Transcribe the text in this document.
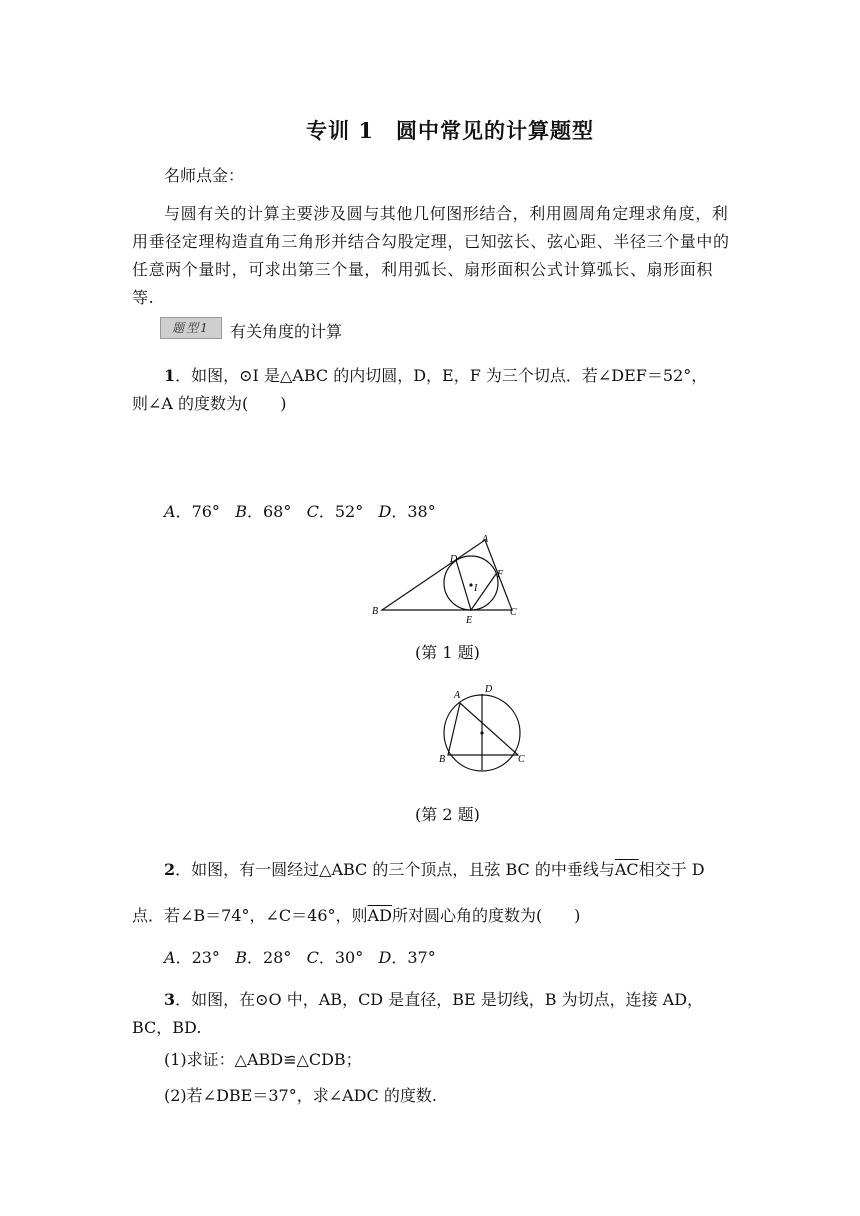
专训 1　圆中常见的计算题型
名师点金：
与圆有关的计算主要涉及圆与其他几何图形结合，利用圆周角定理求角度，利用垂径定理构造直角三角形并结合勾股定理，已知弦长、弦心距、半径三个量中的任意两个量时，可求出第三个量，利用弧长、扇形面积公式计算弧长、扇形面积等.
题型1	有关角度的计算
1．如图，⊙I 是△ABC 的内切圆，D，E，F 为三个切点．若∠DEF＝52°，
则∠A 的度数为(　　)
A．76° B．68° C．52° D．38°
A
B	C
D
E
F
I
(第 1 题)
A
B	C
D
(第 2 题)
2．如图，有一圆经过△ABC 的三个顶点，且弦 BC 的中垂线与$\overline{AC}$相交于 D
点．若∠B＝74°，∠C＝46°，则$\overline{AD}$所对圆心角的度数为(　　)
A．23° B．28° C．30° D．37°
3．如图，在⊙O 中，AB，CD 是直径，BE 是切线，B 为切点，连接 AD，
BC，BD.
(1)求证：△ABD≌△CDB；
(2)若∠DBE＝37°，求∠ADC 的度数.
